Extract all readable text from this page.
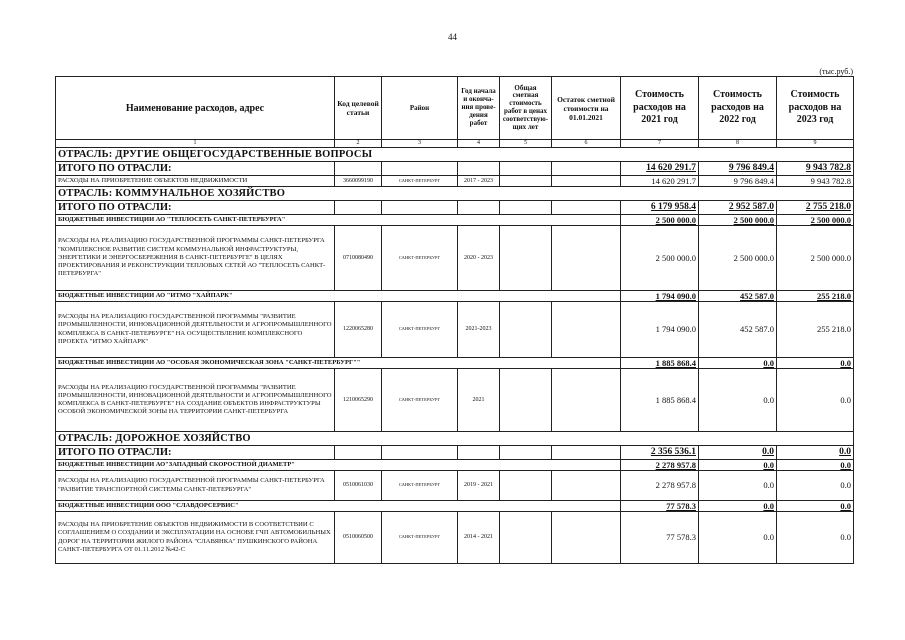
44
(тыс.руб.)
Наименование расходов, адрес	Код целевой статьи	Район	Год начала и оконча-ния прове-дения работ	Общая сметная стоимость работ в ценах соответствую-щих лет	Остаток сметной стоимости на 01.01.2021	Стоимость расходов на 2021 год	Стоимость расходов на 2022 год	Стоимость расходов на 2023 год
1	2	3	4	5	6	7	8	9
ОТРАСЛЬ: ДРУГИЕ ОБЩЕГОСУДАРСТВЕННЫЕ ВОПРОСЫ								
ИТОГО ПО ОТРАСЛИ:						14 620 291.7	9 796 849.4	9 943 782.8
РАСХОДЫ НА ПРИОБРЕТЕНИЕ ОБЪЕКТОВ НЕДВИЖИМОСТИ	3660099190	САНКТ-ПЕТЕРБУРГ	2017 - 2023			14 620 291.7	9 796 849.4	9 943 782.8
ОТРАСЛЬ: КОММУНАЛЬНОЕ ХОЗЯЙСТВО								
ИТОГО ПО ОТРАСЛИ:						6 179 958.4	2 952 587.0	2 755 218.0
БЮДЖЕТНЫЕ ИНВЕСТИЦИИ АО "ТЕПЛОСЕТЬ САНКТ-ПЕТЕРБУРГА"						2 500 000.0	2 500 000.0	2 500 000.0
РАСХОДЫ НА РЕАЛИЗАЦИЮ ГОСУДАРСТВЕННОЙ ПРОГРАММЫ САНКТ-ПЕТЕРБУРГА "КОМПЛЕКСНОЕ РАЗВИТИЕ СИСТЕМ КОММУНАЛЬНОЙ ИНФРАСТРУКТУРЫ, ЭНЕРГЕТИКИ И ЭНЕРГОСБЕРЕЖЕНИЯ В САНКТ-ПЕТЕРБУРГЕ" В ЦЕЛЯХ ПРОЕКТИРОВАНИЯ И РЕКОНСТРУКЦИИ ТЕПЛОВЫХ СЕТЕЙ АО "ТЕПЛОСЕТЬ САНКТ-ПЕТЕРБУРГА"	0710080490	САНКТ-ПЕТЕРБУРГ	2020 - 2023			2 500 000.0	2 500 000.0	2 500 000.0
БЮДЖЕТНЫЕ ИНВЕСТИЦИИ АО "ИТМО "ХАЙПАРК"						1 794 090.0	452 587.0	255 218.0
РАСХОДЫ НА РЕАЛИЗАЦИЮ ГОСУДАРСТВЕННОЙ ПРОГРАММЫ "РАЗВИТИЕ ПРОМЫШЛЕННОСТИ, ИННОВАЦИОННОЙ ДЕЯТЕЛЬНОСТИ И АГРОПРОМЫШЛЕННОГО КОМПЛЕКСА В САНКТ-ПЕТЕРБУРГЕ" НА ОСУЩЕСТВЛЕНИЕ КОМПЛЕКСНОГО ПРОЕКТА "ИТМО ХАЙПАРК"	1220065280	САНКТ-ПЕТЕРБУРГ	2021-2023			1 794 090.0	452 587.0	255 218.0
БЮДЖЕТНЫЕ ИНВЕСТИЦИИ АО "ОСОБАЯ ЭКОНОМИЧЕСКАЯ ЗОНА "САНКТ-ПЕТЕРБУРГ""						1 885 868.4	0.0	0.0
РАСХОДЫ НА РЕАЛИЗАЦИЮ ГОСУДАРСТВЕННОЙ ПРОГРАММЫ "РАЗВИТИЕ ПРОМЫШЛЕННОСТИ, ИННОВАЦИОННОЙ ДЕЯТЕЛЬНОСТИ И АГРОПРОМЫШЛЕННОГО КОМПЛЕКСА В САНКТ-ПЕТЕРБУРГЕ" НА СОЗДАНИЕ ОБЪЕКТОВ ИНФРАСТРУКТУРЫ ОСОБОЙ ЭКОНОМИЧЕСКОЙ ЗОНЫ НА ТЕРРИТОРИИ САНКТ-ПЕТЕРБУРГА	1210065290	САНКТ-ПЕТЕРБУРГ	2021			1 885 868.4	0.0	0.0
ОТРАСЛЬ: ДОРОЖНОЕ ХОЗЯЙСТВО								
ИТОГО ПО ОТРАСЛИ:						2 356 536.1	0.0	0.0
БЮДЖЕТНЫЕ ИНВЕСТИЦИИ АО"ЗАПАДНЫЙ СКОРОСТНОЙ ДИАМЕТР"						2 278 957.8	0.0	0.0
РАСХОДЫ НА РЕАЛИЗАЦИЮ ГОСУДАРСТВЕННОЙ ПРОГРАММЫ САНКТ-ПЕТЕРБУРГА "РАЗВИТИЕ ТРАНСПОРТНОЙ СИСТЕМЫ САНКТ-ПЕТЕРБУРГА"	0510061030	САНКТ-ПЕТЕРБУРГ	2019 - 2021			2 278 957.8	0.0	0.0
БЮДЖЕТНЫЕ ИНВЕСТИЦИИ ООО "СЛАВДОРСЕРВИС"						77 578.3	0.0	0.0
РАСХОДЫ НА ПРИОБРЕТЕНИЕ ОБЪЕКТОВ НЕДВИЖИМОСТИ В СООТВЕТСТВИИ С СОГЛАШЕНИЕМ О СОЗДАНИИ И ЭКСПЛУАТАЦИИ НА ОСНОВЕ ГЧП АВТОМОБИЛЬНЫХ ДОРОГ НА ТЕРРИТОРИИ ЖИЛОГО РАЙОНА "СЛАВЯНКА" ПУШКИНСКОГО РАЙОНА САНКТ-ПЕТЕРБУРГА ОТ 01.11.2012 №42-С	0510060500	САНКТ-ПЕТЕРБУРГ	2014 - 2021			77 578.3	0.0	0.0
